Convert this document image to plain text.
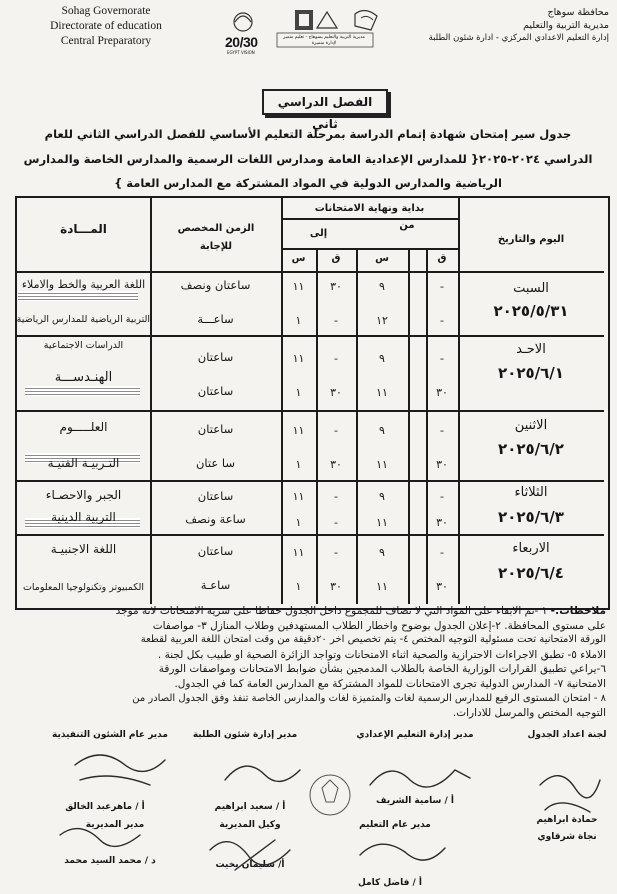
Sohag Governorate
Directorate of education
Central Preparatory	20/30
EGYPT VISION
مديرية التربية والتعليم بسوهاج - تعليم متميز لإدارة متميزة
محافظة سوهاج
مديرية التربية والتعليم
إدارة التعليم الاعدادي المركزي - ادارة شئون الطلبة
الفصل الدراسي ثاني
جدول سير إمتحان شهادة إتمام الدراسة بمرحلة التعليم الأساسي للفصل الدراسي الثاني للعام
الدراسي ٢٠٢٤-٢٠٢٥{ للمدارس الإعدادية العامة ومدارس اللغات الرسمية والمدارس الخاصة والمدارس
الرياضية والمدارس الدولية في المواد المشتركة مع المدارس العامة }
اليوم والتاريخ
بداية ونهاية الامتحانات
من
إلى
ق
س
ق
س
الزمن المخصص للإجابة
المـــادة
السبت
٢٠٢٥/٥/٣١
اللغة العربية والخط والاملاء
التربية الرياضية للمدارس الرياضية
ساعتان ونصف
ساعـــة
-
٩
٣٠
١١
-
١٢
-
١
الاحـد
٢٠٢٥/٦/١
الدراسات الاجتماعية
الهنـدســـة
ساعتان
ساعتان
-
٩
-
١١
٣٠
١١
٣٠
١
الاثنين
٢٠٢٥/٦/٢
العلـــــوم
التـربيـة الفنيـة
ساعتان
سا عتان
-
٩
-
١١
٣٠
١١
٣٠
١
الثلاثاء
٢٠٢٥/٦/٣
الجبر والاحصـاء
التربية الدينية
ساعتان
ساعة ونصف
-
٩
-
١١
٣٠
١١
-
١
الاربعاء
٢٠٢٥/٦/٤
اللغة الاجنبيـة
الكمبيوتر وتكنولوجيا المعلومات
ساعتان
ساعـة
-
٩
-
١١
٣٠
١١
٣٠
١
ملاحظات:- ١ -تم الابقاء على المواد التي لا تضاف للمجموع داخل الجدول حفاظا على سرية الامتحانات لانه موجد
على مستوى المحافظة. ٢-إعلان الجدول بوضوح واخطار الطلاب المستهدفين وطلاب المنازل ٣- مواصفات
الورقة الامتحانية تحت مسئولية التوجيه المختص ٤- يتم تخصيص اخر ٢٠دقيقة من وقت امتحان اللغة العربية لقطعة
الاملاء ٥- تطبق الاجراءات الاحترازية والصحية اثناء الامتحانات وتواجد الزائرة الصحية او طبيب بكل لجنة .
٦-يراعي تطبيق القرارات الوزارية الخاصة بالطلاب المدمجين بشأن ضوابط الامتحانات ومواصفات الورقة
الامتحانية ٧- المدارس الدولية تجرى الامتحانات للمواد المشتركة مع المدارس العامة كما في الجدول.
٨ - امتحان المستوى الرفيع للمدارس الرسمية لغات والمتميزة لغات والمدارس الخاصة تنفذ وفق الجدول الصادر من
التوجيه المختص والمرسل للادارات.
لجنة اعداد الجدول
حمادة ابراهيم
نجاة شرقاوي
مدير إدارة التعليم الإعدادي
أ / سامية الشريف
مدير عام التعليم
أ / فاضل كامل
مدير إدارة شئون الطلبة
أ / سعيد ابراهيم
وكيل المديرية
أ/ سليمان بخيت
مدير عام الشئون التنفيذية
أ / ماهرعبد الخالق
مدير المديرية
د / محمد السيد محمد
